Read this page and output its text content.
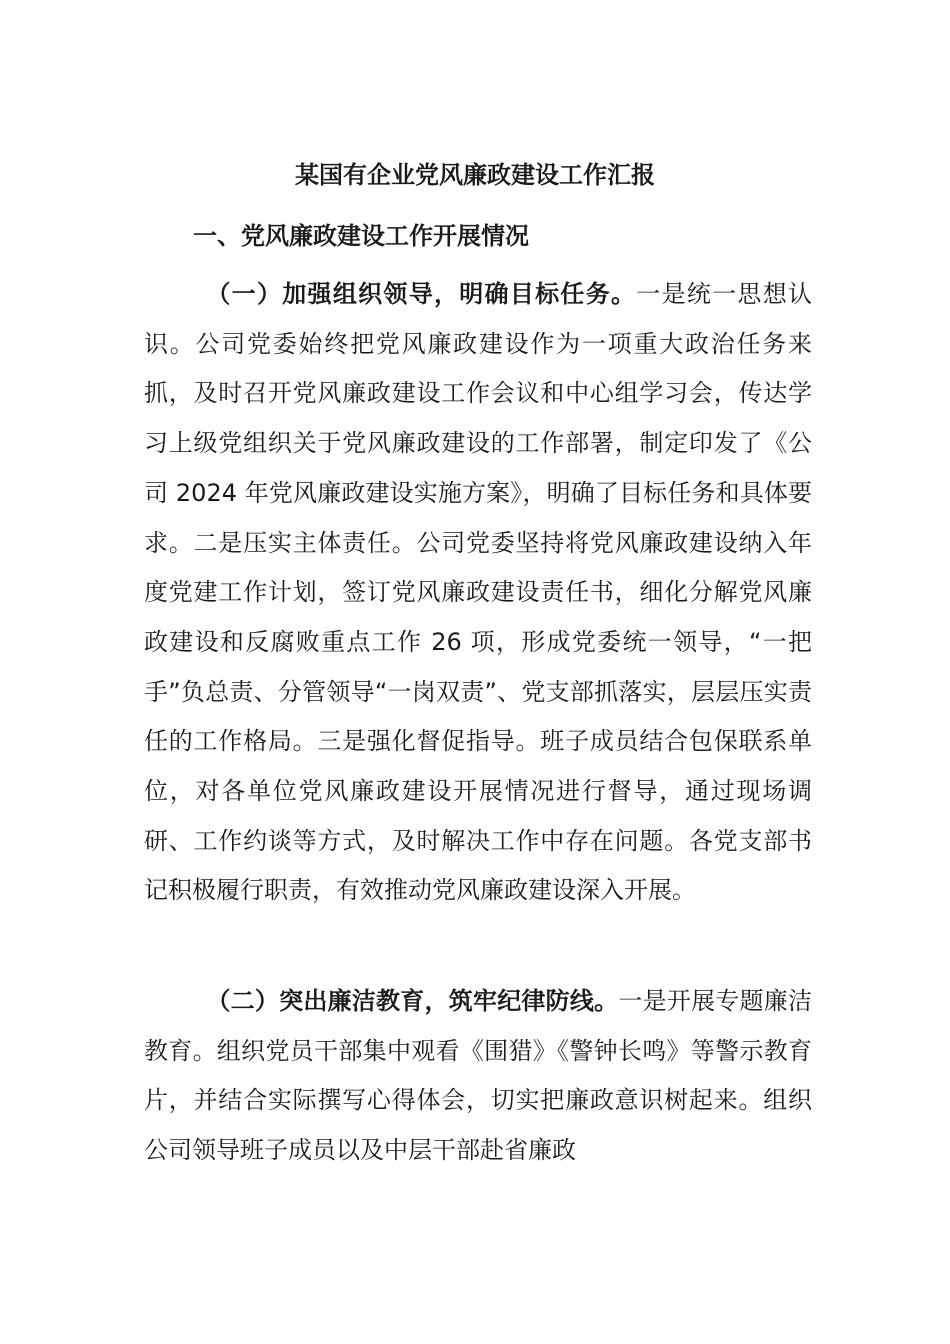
某国有企业党风廉政建设工作汇报
一、党风廉政建设工作开展情况

（一）加强组织领导，明确目标任务。一是统一思想认识。公司党委始终把党风廉政建设作为一项重大政治任务来抓，及时召开党风廉政建设工作会议和中心组学习会，传达学习上级党组织关于党风廉政建设的工作部署，制定印发了《公司 2024 年党风廉政建设实施方案》，明确了目标任务和具体要求。二是压实主体责任。公司党委坚持将党风廉政建设纳入年度党建工作计划，签订党风廉政建设责任书，细化分解党风廉政建设和反腐败重点工作 26 项，形成党委统一领导，“一把手”负总责、分管领导“一岗双责”、党支部抓落实，层层压实责任的工作格局。三是强化督促指导。班子成员结合包保联系单位，对各单位党风廉政建设开展情况进行督导，通过现场调研、工作约谈等方式，及时解决工作中存在问题。各党支部书记积极履行职责，有效推动党风廉政建设深入开展。

（二）突出廉洁教育，筑牢纪律防线。一是开展专题廉洁教育。组织党员干部集中观看《围猎》《警钟长鸣》等警示教育片，并结合实际撰写心得体会，切实把廉政意识树起来。组织公司领导班子成员以及中层干部赴省廉政
